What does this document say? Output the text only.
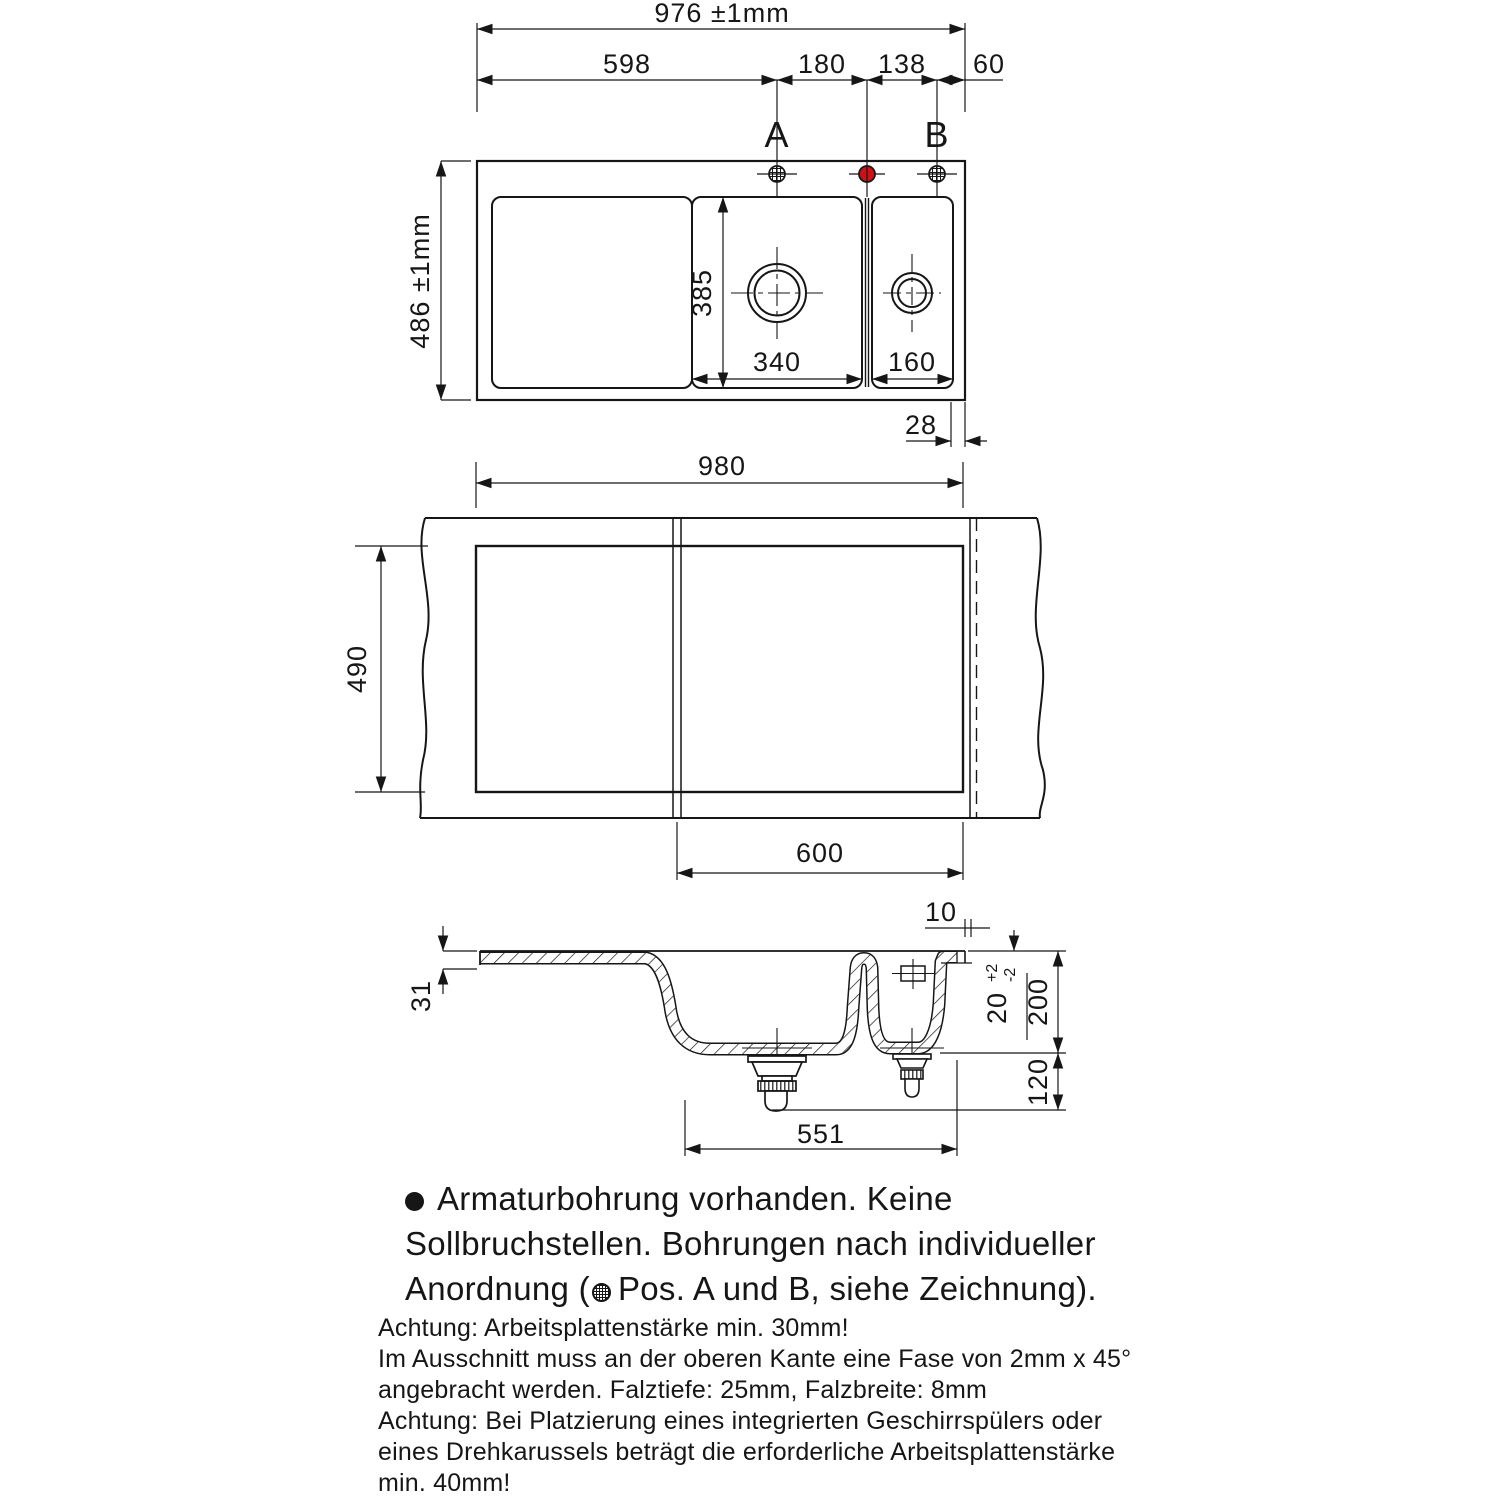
976 ±1mm
598	180 138 60
A	B
486 ±1mm	385
340	160
28
980
490
600
10
31	20
+2 -2
200
120
551
Armaturbohrung vorhanden. Keine
Sollbruchstellen. Bohrungen nach individueller
Anordnung ( Pos. A und B, siehe Zeichnung).
Achtung: Arbeitsplattenstärke min. 30mm!
Im Ausschnitt muss an der oberen Kante eine Fase von 2mm x 45°
angebracht werden. Falztiefe: 25mm, Falzbreite: 8mm
Achtung: Bei Platzierung eines integrierten Geschirrspülers oder
eines Drehkarussels beträgt die erforderliche Arbeitsplattenstärke
min. 40mm!
